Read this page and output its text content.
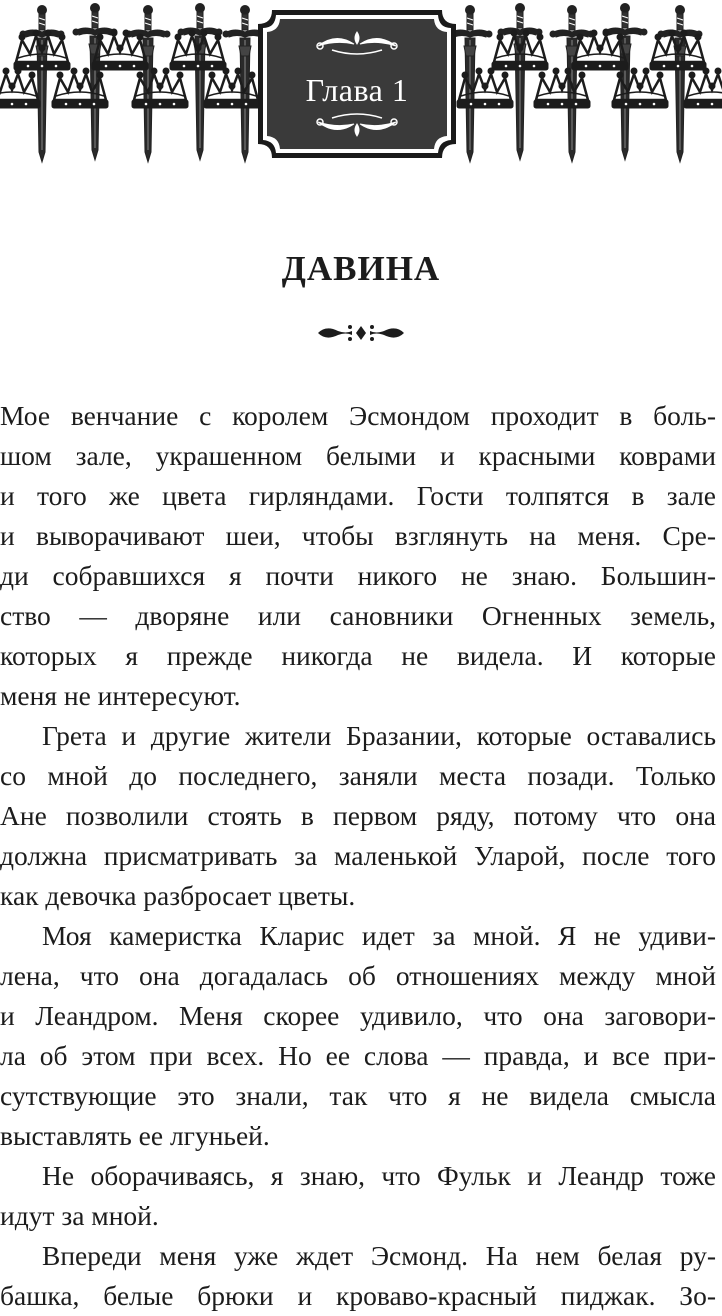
Глава 1
ДАВИНА
Мое венчание с королем Эсмондом проходит в боль-
шом зале, украшенном белыми и красными коврами
и того же цвета гирляндами. Гости толпятся в зале
и выворачивают шеи, чтобы взглянуть на меня. Сре-
ди собравшихся я почти никого не знаю. Большин-
ство — дворяне или сановники Огненных земель,
которых я прежде никогда не видела. И которые
меня не интересуют.
Грета и другие жители Бразании, которые оставались
со мной до последнего, заняли места позади. Только
Ане позволили стоять в первом ряду, потому что она
должна присматривать за маленькой Уларой, после того
как девочка разбросает цветы.
Моя камеристка Кларис идет за мной. Я не удиви-
лена, что она догадалась об отношениях между мной
и Леандром. Меня скорее удивило, что она заговори-
ла об этом при всех. Но ее слова — правда, и все при-
сутствующие это знали, так что я не видела смысла
выставлять ее лгуньей.
Не оборачиваясь, я знаю, что Фульк и Леандр тоже
идут за мной.
Впереди меня уже ждет Эсмонд. На нем белая ру-
башка, белые брюки и кроваво-красный пиджак. Зо-
